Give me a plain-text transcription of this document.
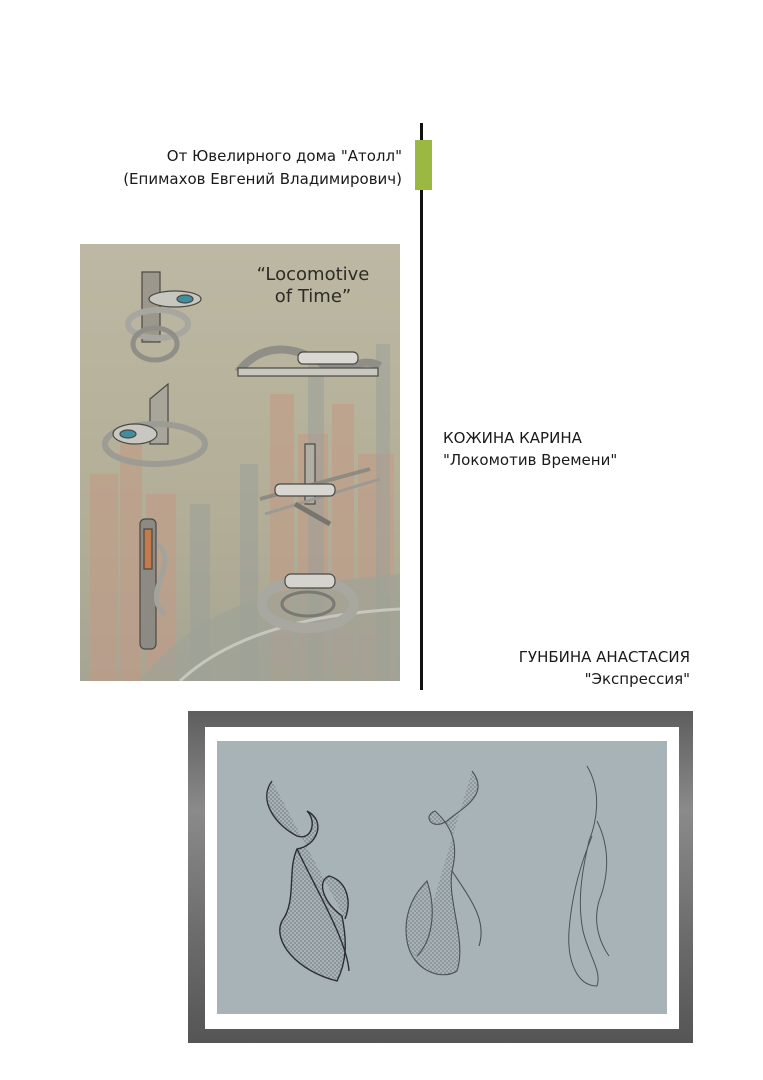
От Ювелирного дома "Атолл"
(Епимахов Евгений Владимирович)
“Locomotive
of Time”
КОЖИНА КАРИНА
"Локомотив Времени"
ГУНБИНА АНАСТАСИЯ
"Экспрессия"
